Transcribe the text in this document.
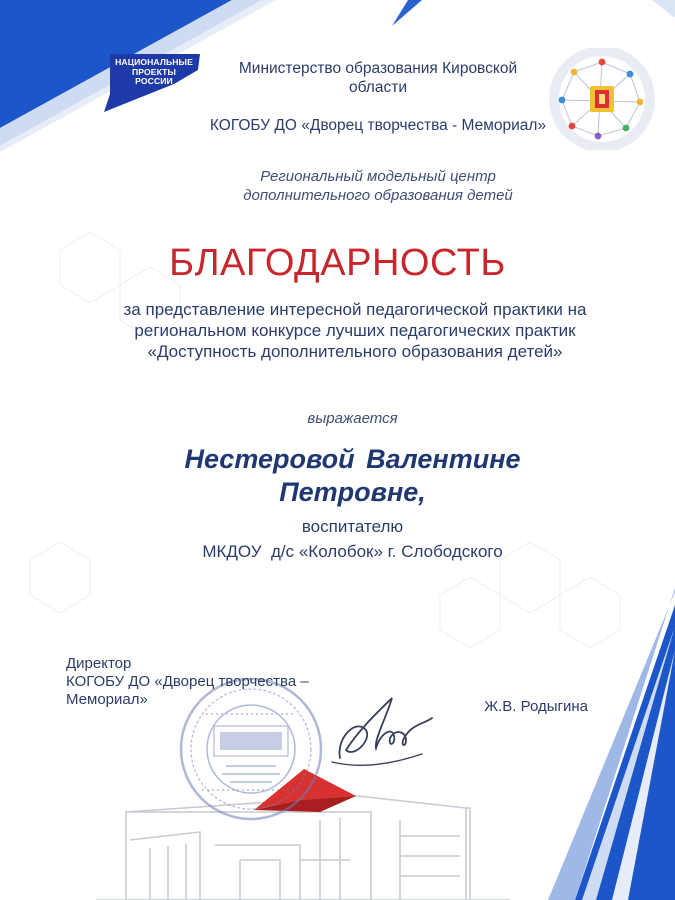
НАЦИОНАЛЬНЫЕ
ПРОЕКТЫ
РОССИИ
Министерство образования Кировской области
КОГОБУ ДО «Дворец творчества - Мемориал»
Региональный модельный центр дополнительного образования детей
БЛАГОДАРНОСТЬ
за представление интересной педагогической практики на региональном конкурсе лучших педагогических практик «Доступность дополнительного образования детей»
выражается
Нестеровой Валентине
Петровне,
воспитателю
МКДОУ  д/с «Колобок» г. Слободского
Директор
КОГОБУ ДО «Дворец творчества –
Мемориал»	Ж.В. Родыгина
